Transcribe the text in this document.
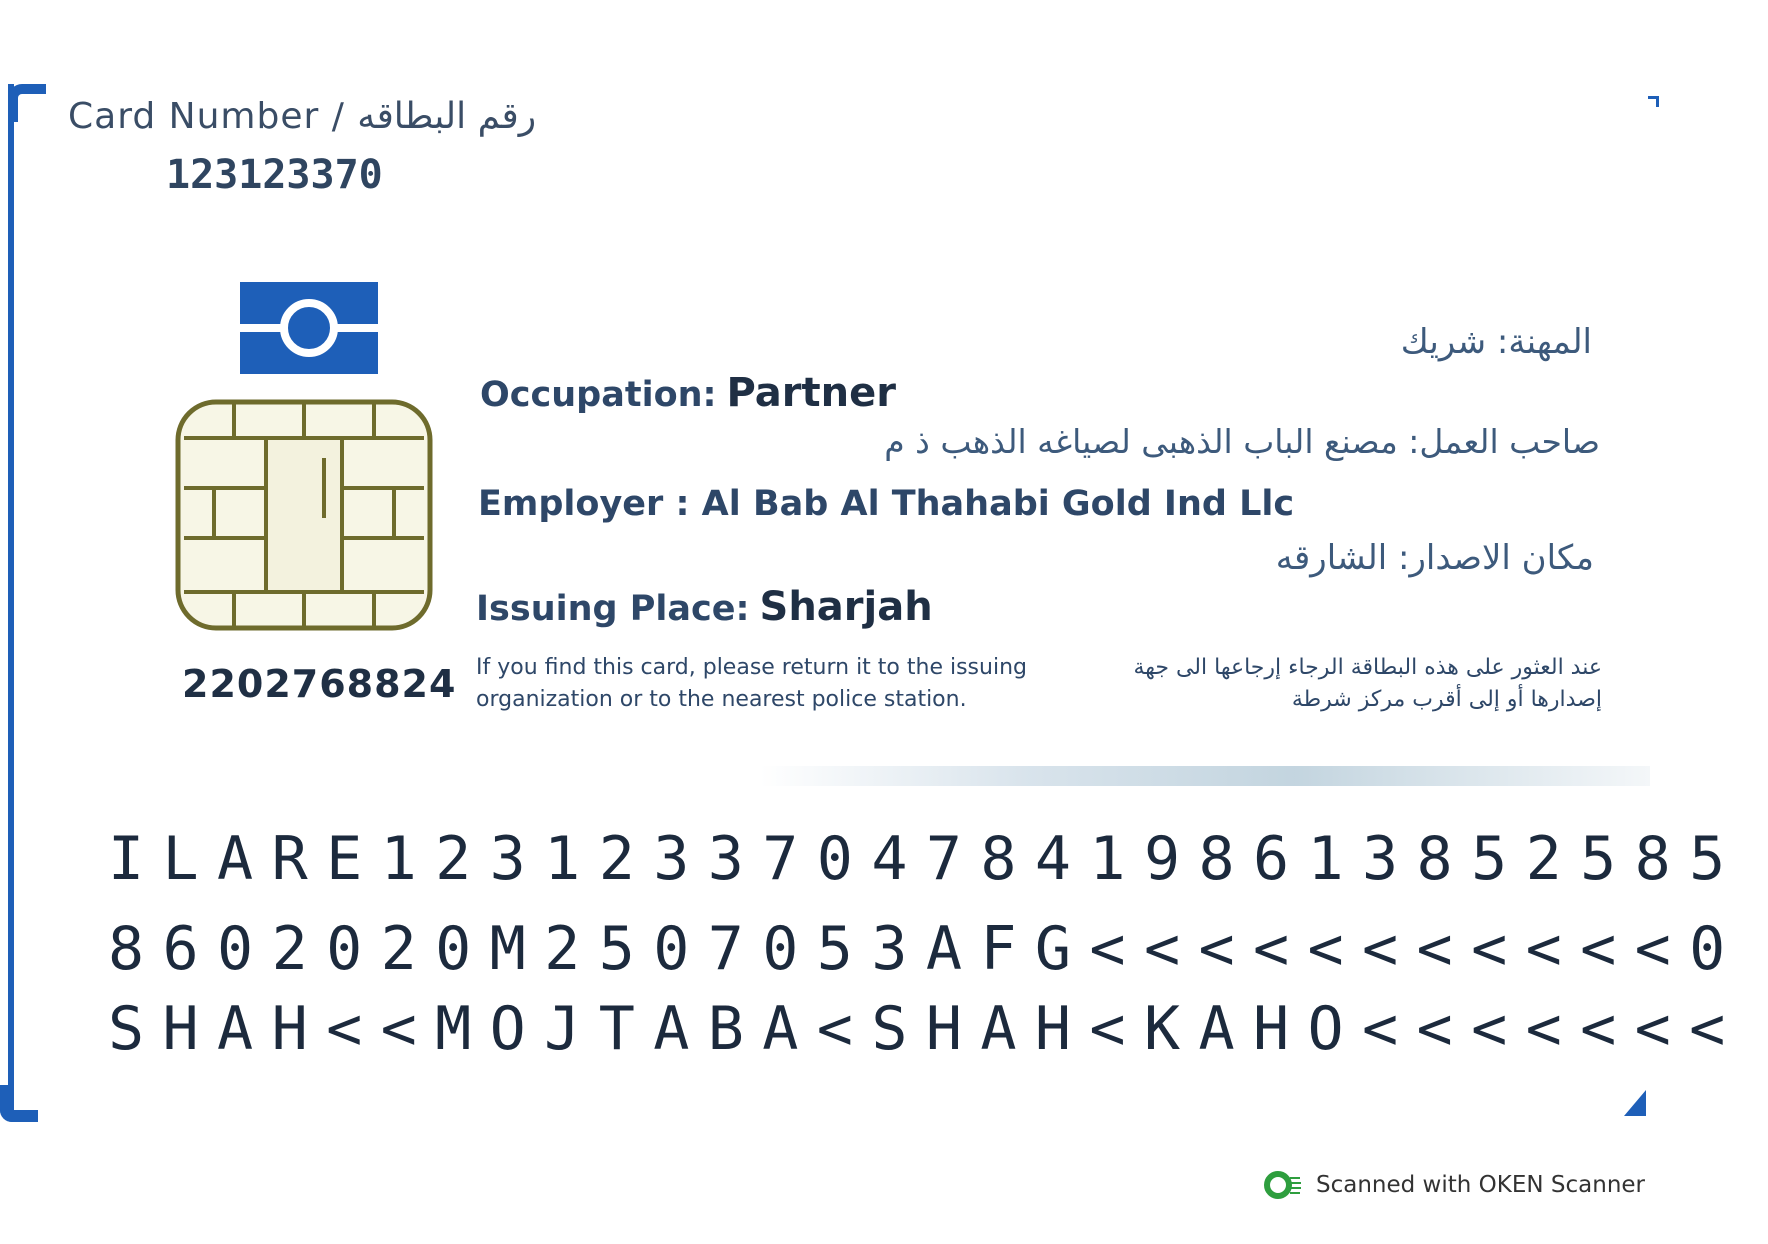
Card Number / رقم البطاقه
123123370
2202768824
المهنة: شريك
Occupation: Partner
صاحب العمل: مصنع الباب الذهبى لصياغه الذهب ذ م
Employer : Al Bab Al Thahabi Gold Ind Llc
مكان الاصدار: الشارقه
Issuing Place: Sharjah
If you find this card, please return it to the issuing
organization or to the nearest police station.
عند العثور على هذه البطاقة الرجاء إرجاعها الى جهة
إصدارها أو إلى أقرب مركز شرطة
ILARE1231233704784198613852585
8602020M2507053AFG<<<<<<<<<<<0
SHAH<<MOJTABA<SHAH<KAHO<<<<<<<
Scanned with OKEN Scanner
